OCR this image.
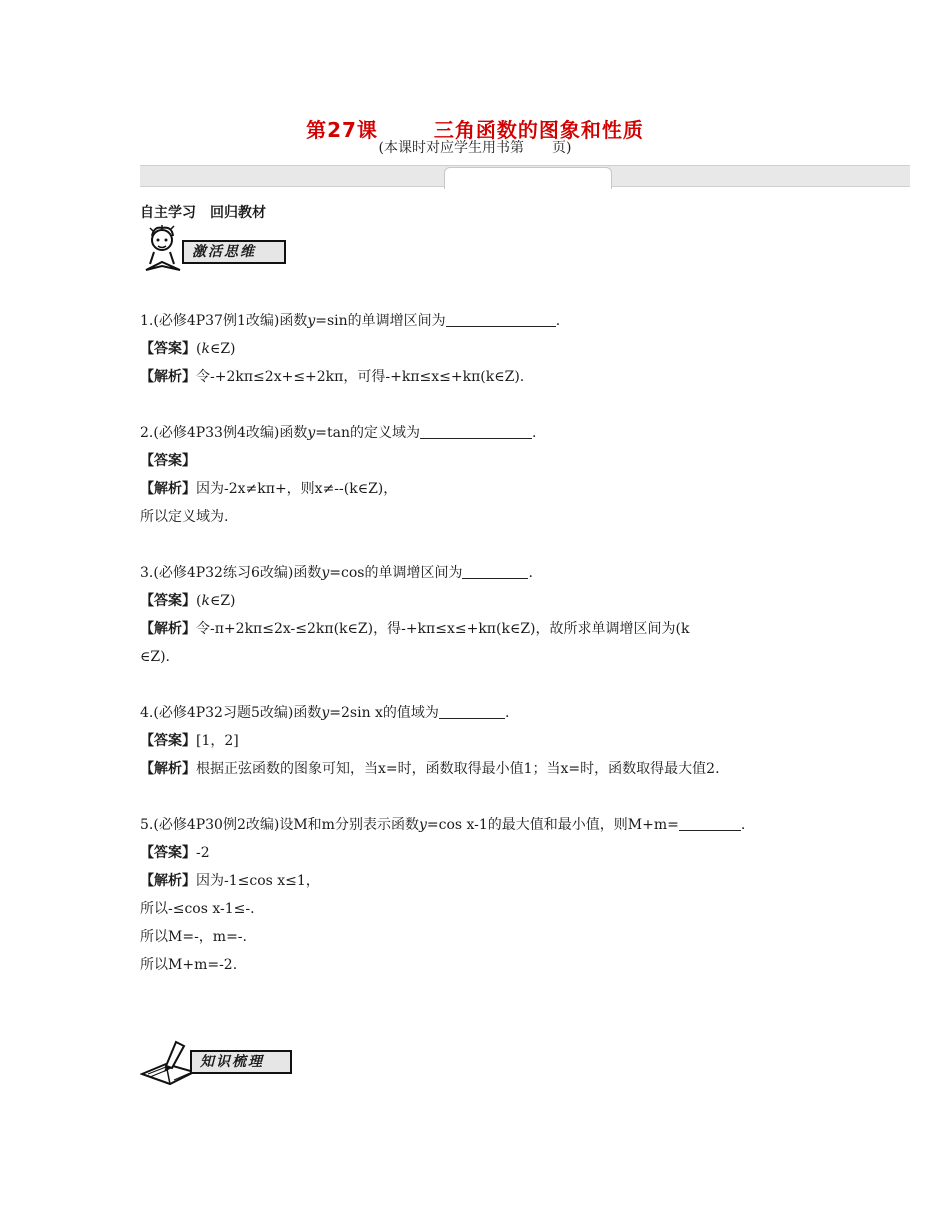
第27课	三角函数的图象和性质
(本课时对应学生用书第 页)
自主学习 回归教材
激活思维
1.(必修4P37例1改编)函数y=sin的单调增区间为	.
【答案】(k∈Z)
【解析】令-+2kπ≤2x+≤+2kπ，可得-+kπ≤x≤+kπ(k∈Z).
2.(必修4P33例4改编)函数y=tan的定义域为	.
【答案】
【解析】因为-2x≠kπ+，则x≠--(k∈Z)，
所以定义域为.
3.(必修4P32练习6改编)函数y=cos的单调增区间为	.
【答案】(k∈Z)
【解析】令-π+2kπ≤2x-≤2kπ(k∈Z)，得-+kπ≤x≤+kπ(k∈Z)，故所求单调增区间为(k
∈Z).
4.(必修4P32习题5改编)函数y=2sin x的值域为	.
【答案】[1，2]
【解析】根据正弦函数的图象可知，当x=时，函数取得最小值1；当x=时，函数取得最大值2.
5.(必修4P30例2改编)设M和m分别表示函数y=cos x-1的最大值和最小值，则M+m=	.
【答案】-2
【解析】因为-1≤cos x≤1，
所以-≤cos x-1≤-.
所以M=-，m=-.
所以M+m=-2.
知识梳理
